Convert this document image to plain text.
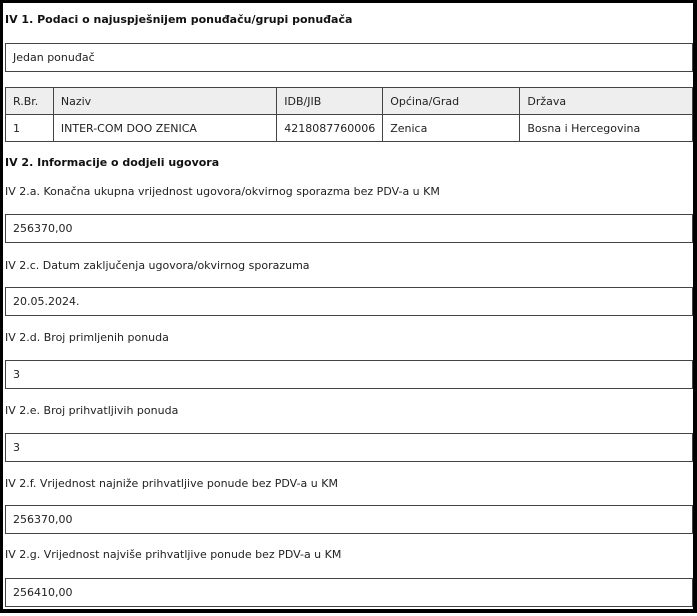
IV 1. Podaci o najuspješnijem ponuđaču/grupi ponuđača
Jedan ponuđač
R.Br.	Naziv	IDB/JIB	Općina/Grad	Država
1	INTER-COM DOO ZENICA	4218087760006	Zenica	Bosna i Hercegovina
IV 2. Informacije o dodjeli ugovora
IV 2.a. Konačna ukupna vrijednost ugovora/okvirnog sporazma bez PDV-a u KM
256370,00
IV 2.c. Datum zaključenja ugovora/okvirnog sporazuma
20.05.2024.
IV 2.d. Broj primljenih ponuda
3
IV 2.e. Broj prihvatljivih ponuda
3
IV 2.f. Vrijednost najniže prihvatljive ponude bez PDV-a u KM
256370,00
IV 2.g. Vrijednost najviše prihvatljive ponude bez PDV-a u KM
256410,00
